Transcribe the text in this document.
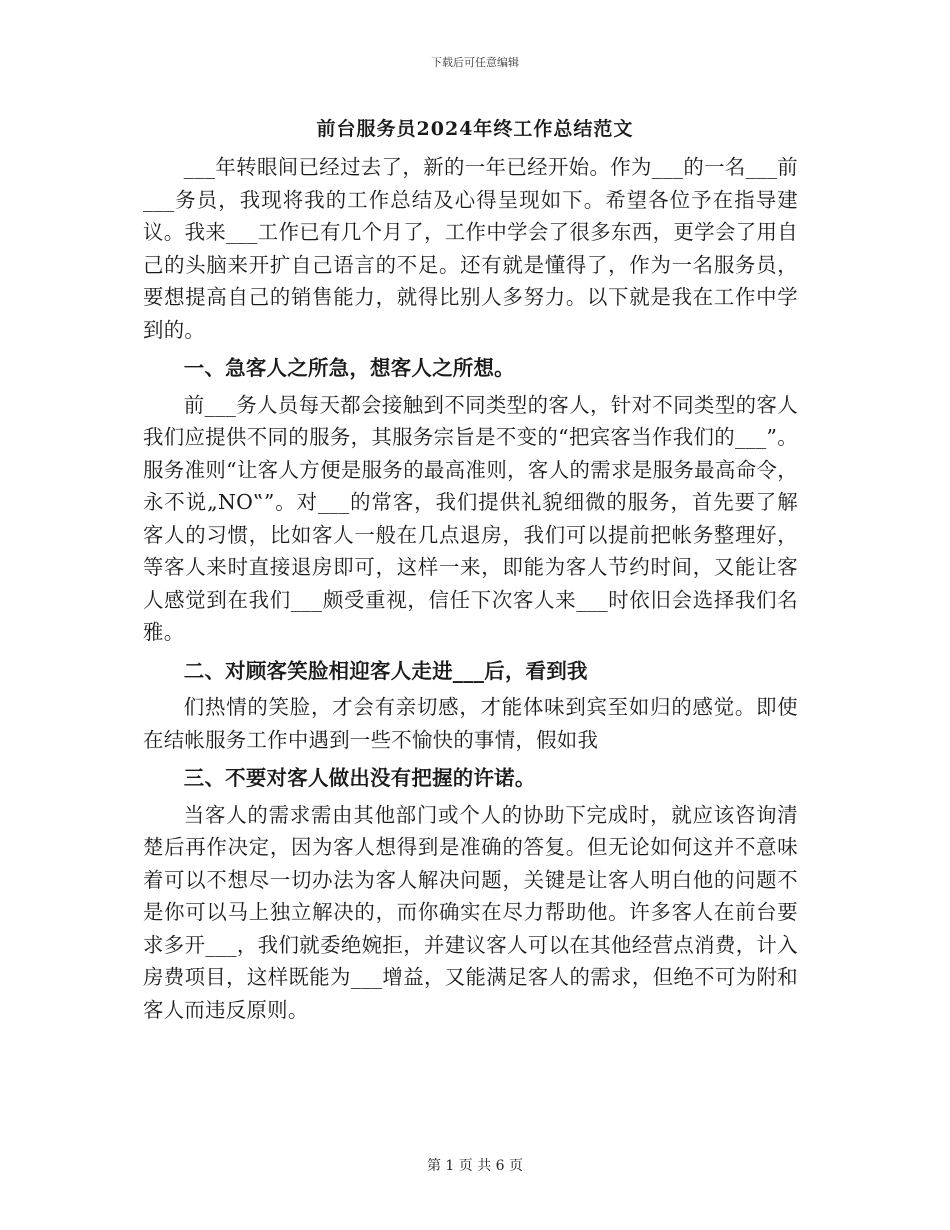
下载后可任意编辑
前台服务员2024年终工作总结范文

___年转眼间已经过去了，新的一年已经开始。作为___的一名___前___务员，我现将我的工作总结及心得呈现如下。希望各位予在指导建议。我来___工作已有几个月了，工作中学会了很多东西，更学会了用自己的头脑来开扩自己语言的不足。还有就是懂得了，作为一名服务员，要想提高自己的销售能力，就得比别人多努力。以下就是我在工作中学到的。

一、急客人之所急，想客人之所想。

前___务人员每天都会接触到不同类型的客人，针对不同类型的客人我们应提供不同的服务，其服务宗旨是不变的“把宾客当作我们的___”。服务准则“让客人方便是服务的最高准则，客人的需求是服务最高命令，永不说„NO‟”。对___的常客，我们提供礼貌细微的服务，首先要了解客人的习惯，比如客人一般在几点退房，我们可以提前把帐务整理好，等客人来时直接退房即可，这样一来，即能为客人节约时间，又能让客人感觉到在我们___颇受重视，信任下次客人来___时依旧会选择我们名雅。

二、对顾客笑脸相迎客人走进___后，看到我

们热情的笑脸，才会有亲切感，才能体味到宾至如归的感觉。即使在结帐服务工作中遇到一些不愉快的事情，假如我

三、不要对客人做出没有把握的许诺。

当客人的需求需由其他部门或个人的协助下完成时，就应该咨询清楚后再作决定，因为客人想得到是准确的答复。但无论如何这并不意味着可以不想尽一切办法为客人解决问题，关键是让客人明白他的问题不是你可以马上独立解决的，而你确实在尽力帮助他。许多客人在前台要求多开___，我们就委绝婉拒，并建议客人可以在其他经营点消费，计入房费项目，这样既能为___增益，又能满足客人的需求，但绝不可为附和客人而违反原则。

第 1 页 共 6 页
